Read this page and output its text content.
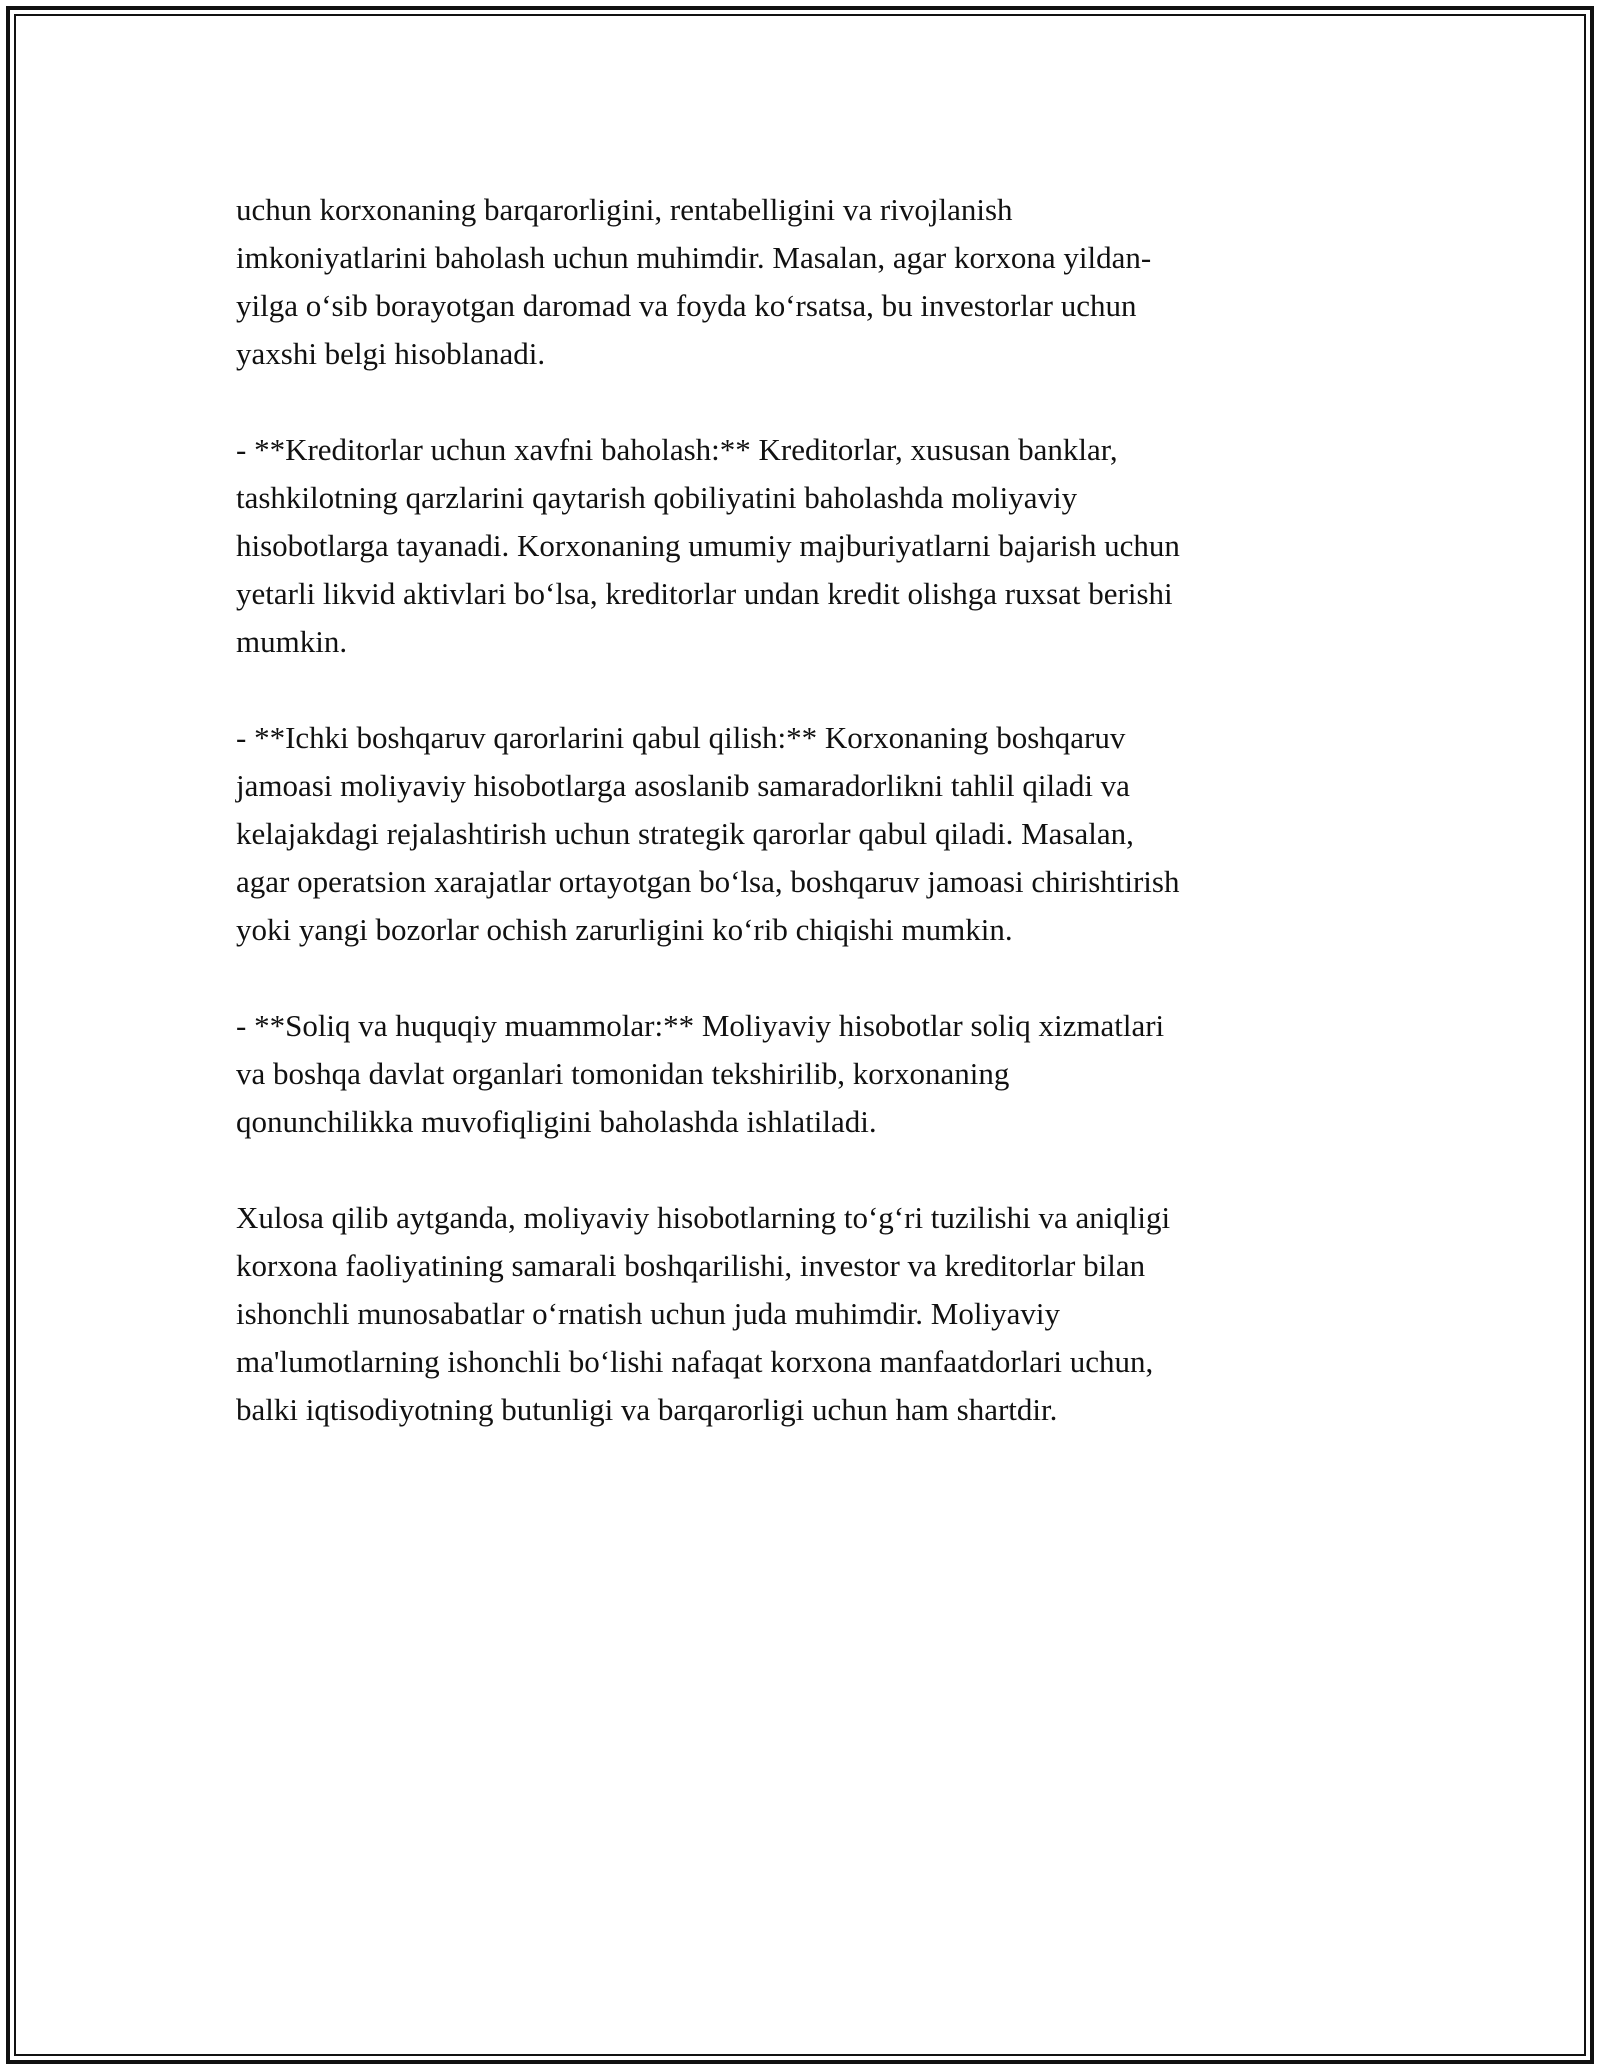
uchun korxonaning barqarorligini, rentabelligini va rivojlanish
imkoniyatlarini baholash uchun muhimdir. Masalan, agar korxona yildan-
yilga oʻsib borayotgan daromad va foyda koʻrsatsa, bu investorlar uchun
yaxshi belgi hisoblanadi.

- **Kreditorlar uchun xavfni baholash:** Kreditorlar, xususan banklar,
tashkilotning qarzlarini qaytarish qobiliyatini baholashda moliyaviy
hisobotlarga tayanadi. Korxonaning umumiy majburiyatlarni bajarish uchun
yetarli likvid aktivlari boʻlsa, kreditorlar undan kredit olishga ruxsat berishi
mumkin.

- **Ichki boshqaruv qarorlarini qabul qilish:** Korxonaning boshqaruv
jamoasi moliyaviy hisobotlarga asoslanib samaradorlikni tahlil qiladi va
kelajakdagi rejalashtirish uchun strategik qarorlar qabul qiladi. Masalan,
agar operatsion xarajatlar ortayotgan boʻlsa, boshqaruv jamoasi chirishtirish
yoki yangi bozorlar ochish zarurligini koʻrib chiqishi mumkin.

- **Soliq va huquqiy muammolar:** Moliyaviy hisobotlar soliq xizmatlari
va boshqa davlat organlari tomonidan tekshirilib, korxonaning
qonunchilikka muvofiqligini baholashda ishlatiladi.

Xulosa qilib aytganda, moliyaviy hisobotlarning toʻgʻri tuzilishi va aniqligi
korxona faoliyatining samarali boshqarilishi, investor va kreditorlar bilan
ishonchli munosabatlar oʻrnatish uchun juda muhimdir. Moliyaviy
ma'lumotlarning ishonchli boʻlishi nafaqat korxona manfaatdorlari uchun,
balki iqtisodiyotning butunligi va barqarorligi uchun ham shartdir.
